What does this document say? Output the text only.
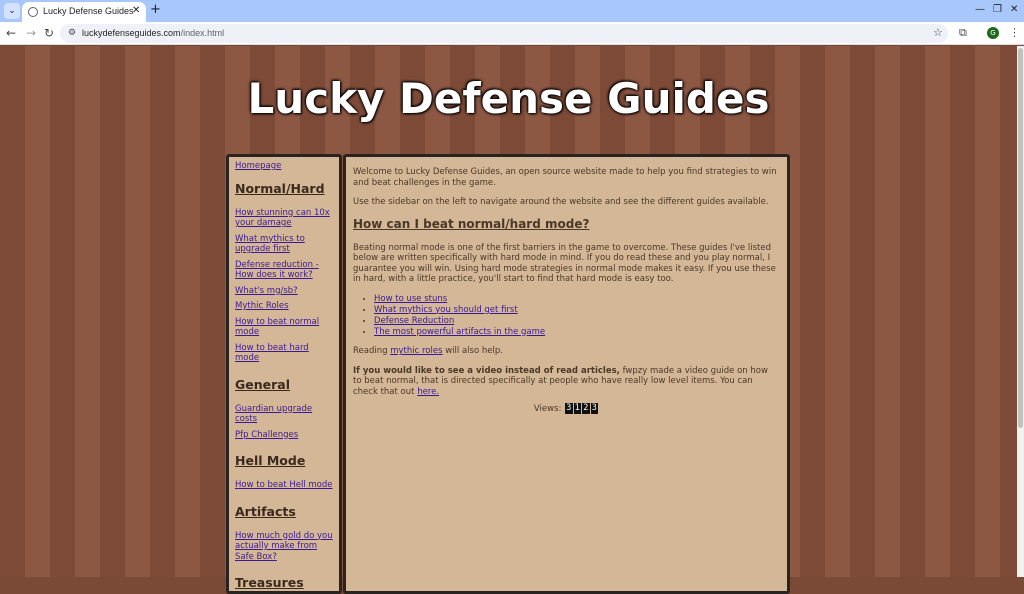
⌄	Lucky Defense Guides
✕ +	— ❐ ✕
← → ↻ ⚙ luckydefenseguides.com/index.html	☆ ⧉	G ⋮
Lucky Defense Guides
Homepage
Normal/Hard
How stunning can 10x your damage
What mythics to upgrade first
Defense reduction - How does it work?
What's mg/sb?
Mythic Roles
How to beat normal mode
How to beat hard mode
General
Guardian upgrade costs
Pfp Challenges
Hell Mode
How to beat Hell mode
Artifacts
How much gold do you actually make from Safe Box?
Treasures

Welcome to Lucky Defense Guides, an open source website made to help you find strategies to win and beat challenges in the game.

Use the sidebar on the left to navigate around the website and see the different guides available.

How can I beat normal/hard mode?

Beating normal mode is one of the first barriers in the game to overcome. These guides I've listed below are written specifically with hard mode in mind. If you do read these and you play normal, I guarantee you will win. Using hard mode strategies in normal mode makes it easy. If you use these in hard, with a little practice, you'll start to find that hard mode is easy too.

• How to use stuns
• What mythics you should get first
• Defense Reduction
• The most powerful artifacts in the game

Reading mythic roles will also help.

If you would like to see a video instead of read articles, fwpzy made a video guide on how to beat normal, that is directed specifically at people who have really low level items. You can check that out here.

Views: 3 1 2 3
